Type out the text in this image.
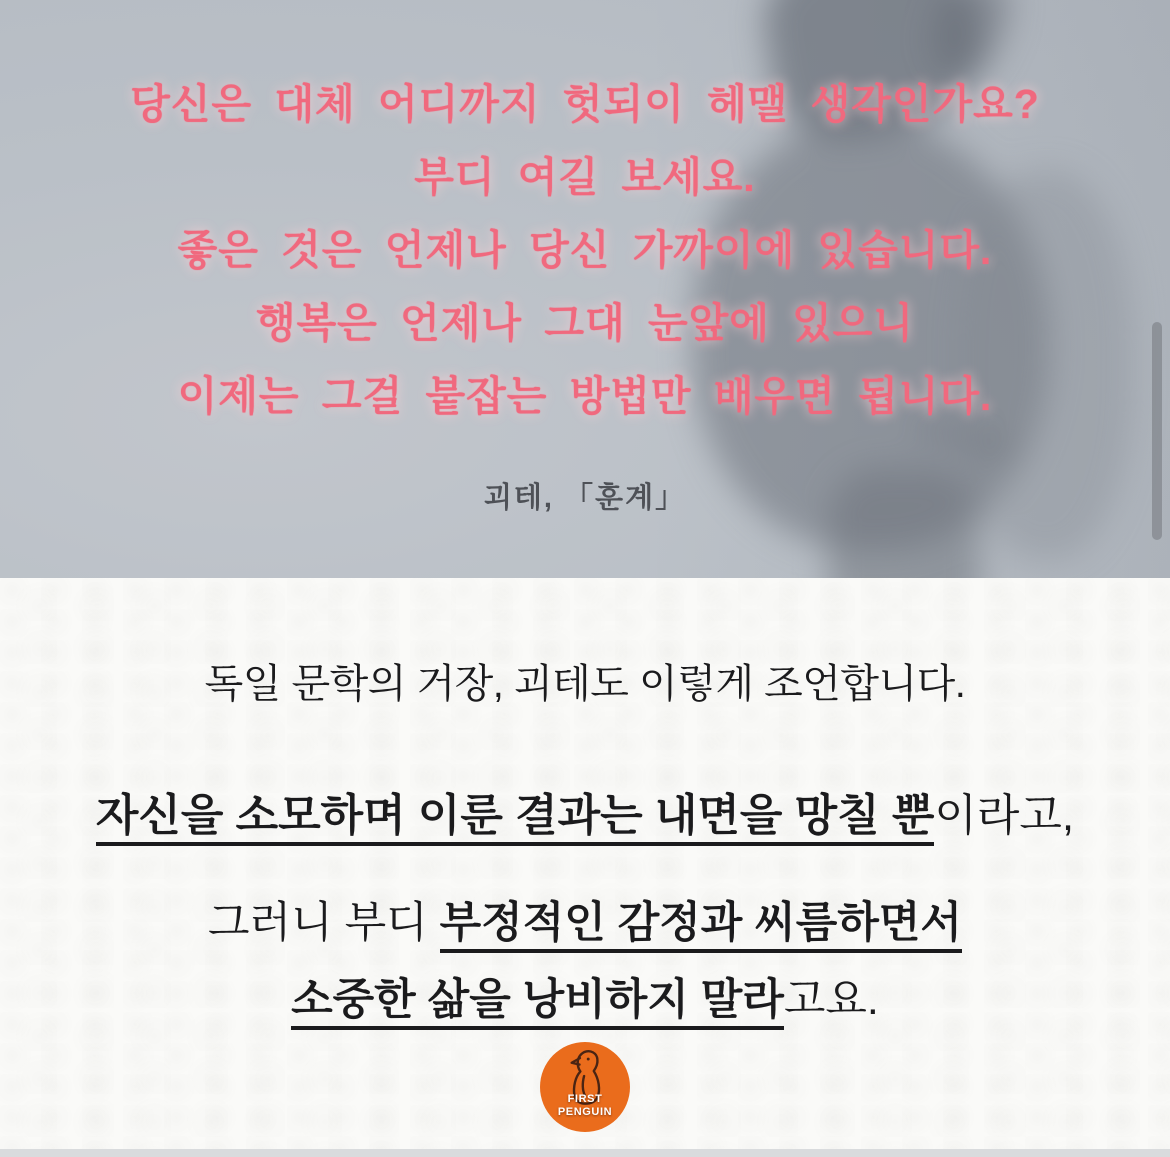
당신은 대체 어디까지 헛되이 헤맬 생각인가요?
부디 여길 보세요.
좋은 것은 언제나 당신 가까이에 있습니다.
행복은 언제나 그대 눈앞에 있으니
이제는 그걸 붙잡는 방법만 배우면 됩니다.
괴테, 「훈계」

독일 문학의 거장, 괴테도 이렇게 조언합니다.

자신을 소모하며 이룬 결과는 내면을 망칠 뿐이라고,

그러니 부디 부정적인 감정과 씨름하면서

소중한 삶을 낭비하지 말라고요.

FIRST
PENGUIN
